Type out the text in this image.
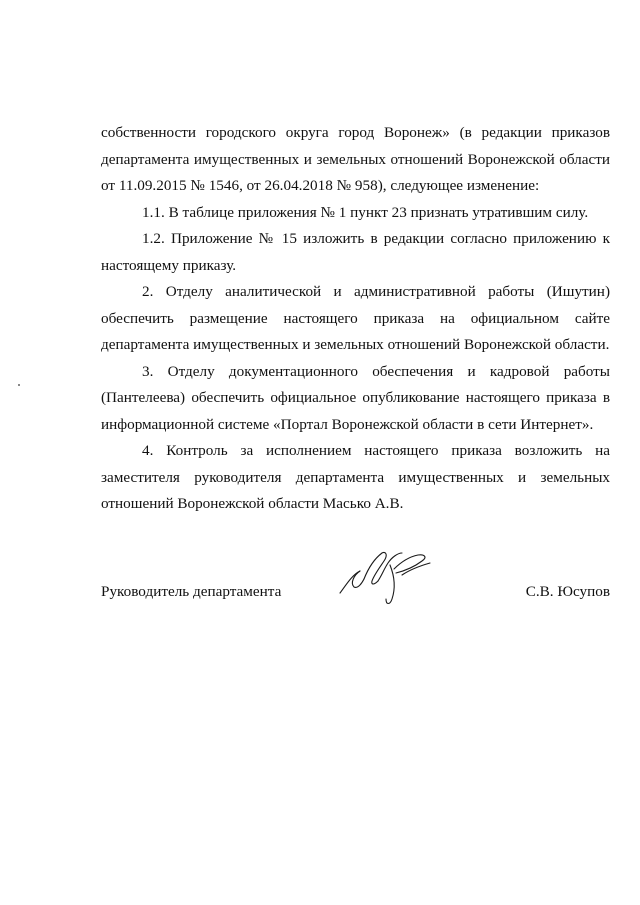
собственности городского округа город Воронеж» (в редакции приказов департамента имущественных и земельных отношений Воронежской области от 11.09.2015 № 1546, от 26.04.2018 № 958), следующее изменение:

1.1. В таблице приложения № 1 пункт 23 признать утратившим силу.

1.2. Приложение № 15 изложить в редакции согласно приложению к настоящему приказу.

2. Отделу аналитической и административной работы (Ишутин) обеспечить размещение настоящего приказа на официальном сайте департамента имущественных и земельных отношений Воронежской области.

3. Отделу документационного обеспечения и кадровой работы (Пантелеева) обеспечить официальное опубликование настоящего приказа в информационной системе «Портал Воронежской области в сети Интернет».

4. Контроль за исполнением настоящего приказа возложить на заместителя руководителя департамента имущественных и земельных отношений Воронежской области Масько А.В.

Руководитель департамента	С.В. Юсупов
